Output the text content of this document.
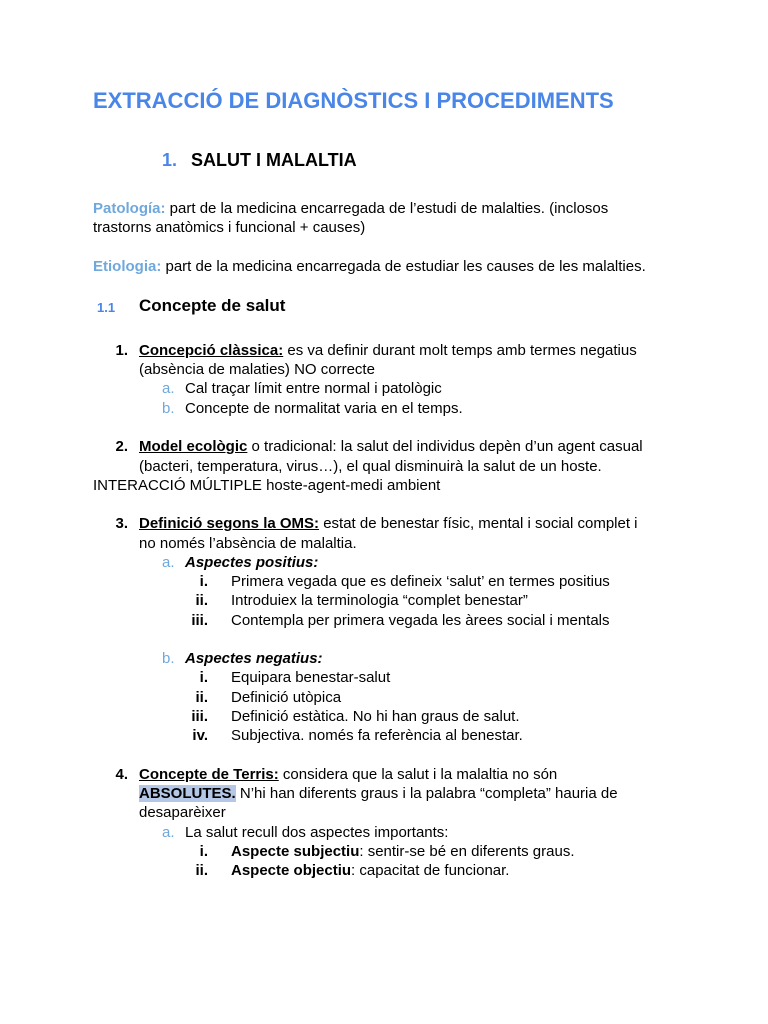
EXTRACCIÓ DE DIAGNÒSTICS I PROCEDIMENTS
1. SALUT I MALALTIA
Patología: part de la medicina encarregada de l’estudi de malalties. (inclosos
trastorns anatòmics i funcional + causes)
Etiologia: part de la medicina encarregada de estudiar les causes de les malalties.
1.1 Concepte de salut
1. Concepció clàssica: es va definir durant molt temps amb termes negatius
(absència de malaties) NO correcte
a. Cal traçar límit entre normal i patològic
b. Concepte de normalitat varia en el temps.
2. Model ecològic o tradicional: la salut del individus depèn d’un agent casual
(bacteri, temperatura, virus…), el qual disminuirà la salut de un hoste.
INTERACCIÓ MÚLTIPLE hoste-agent-medi ambient
3. Definició segons la OMS: estat de benestar físic, mental i social complet i
no només l’absència de malaltia.
a. Aspectes positius:
i. Primera vegada que es defineix ‘salut’ en termes positius
ii. Introduiex la terminologia “complet benestar”
iii. Contempla per primera vegada les àrees social i mentals
b. Aspectes negatius:
i. Equipara benestar-salut
ii. Definició utòpica
iii. Definició estàtica. No hi han graus de salut.
iv. Subjectiva. només fa referència al benestar.
4. Concepte de Terris: considera que la salut i la malaltia no són
ABSOLUTES. N’hi han diferents graus i la palabra “completa” hauria de
desaparèixer
a. La salut recull dos aspectes importants:
i. Aspecte subjectiu: sentir-se bé en diferents graus.
ii. Aspecte objectiu: capacitat de funcionar.
